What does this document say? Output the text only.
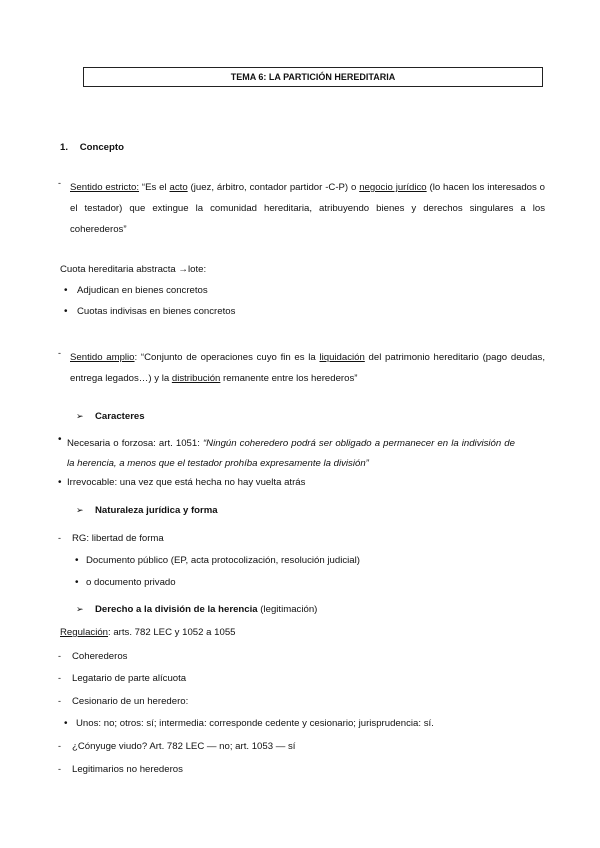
TEMA 6: LA PARTICIÓN HEREDITARIA
1. Concepto
- Sentido estricto: “Es el acto (juez, árbitro, contador partidor -C-P) o negocio jurídico (lo hacen los interesados o el testador) que extingue la comunidad hereditaria, atribuyendo bienes y derechos singulares a los coherederos”
Cuota hereditaria abstracta →lote:
• Adjudican en bienes concretos
• Cuotas indivisas en bienes concretos
- Sentido amplio: “Conjunto de operaciones cuyo fin es la liquidación del patrimonio hereditario (pago deudas, entrega legados…) y la distribución remanente entre los herederos”
➢	Caracteres
• Necesaria o forzosa: art. 1051: “Ningún coheredero podrá ser obligado a permanecer en la indivisión de la herencia, a menos que el testador prohíba expresamente la división”
• Irrevocable: una vez que está hecha no hay vuelta atrás
➢	Naturaleza jurídica y forma
-	RG: libertad de forma
• Documento público (EP, acta protocolización, resolución judicial)
• o documento privado
➢	Derecho a la división de la herencia (legitimación)
Regulación: arts. 782 LEC y 1052 a 1055
-	Coherederos
-	Legatario de parte alícuota
-	Cesionario de un heredero:
• Unos: no; otros: sí; intermedia: corresponde cedente y cesionario; jurisprudencia: sí.
-	¿Cónyuge viudo? Art. 782 LEC — no; art. 1053 — sí
-	Legitimarios no herederos
